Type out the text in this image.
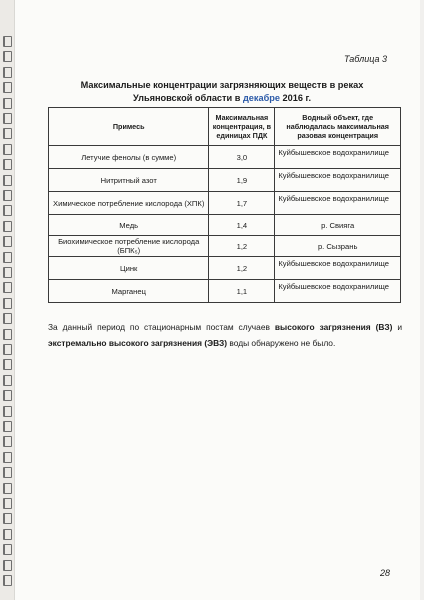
Таблица 3
Максимальные концентрации загрязняющих веществ в реках Ульяновской области в декабре 2016 г.
Примесь	Максимальная концентрация, в единицах ПДК	Водный объект, где наблюдалась максимальная разовая концентрация
Летучие фенолы (в сумме)	3,0	Куйбышевское водохранилище
Нитритный азот	1,9	Куйбышевское водохранилище
Химическое потребление кислорода (ХПК)	1,7	Куйбышевское водохранилище
Медь	1,4	р. Свияга
Биохимическое потребление кислорода (БПК₅)	1,2	р. Сызрань
Цинк	1,2	Куйбышевское водохранилище
Марганец	1,1	Куйбышевское водохранилище
За данный период по стационарным постам случаев высокого загрязнения (ВЗ) и экстремально высокого загрязнения (ЭВЗ) воды обнаружено не было.
28
